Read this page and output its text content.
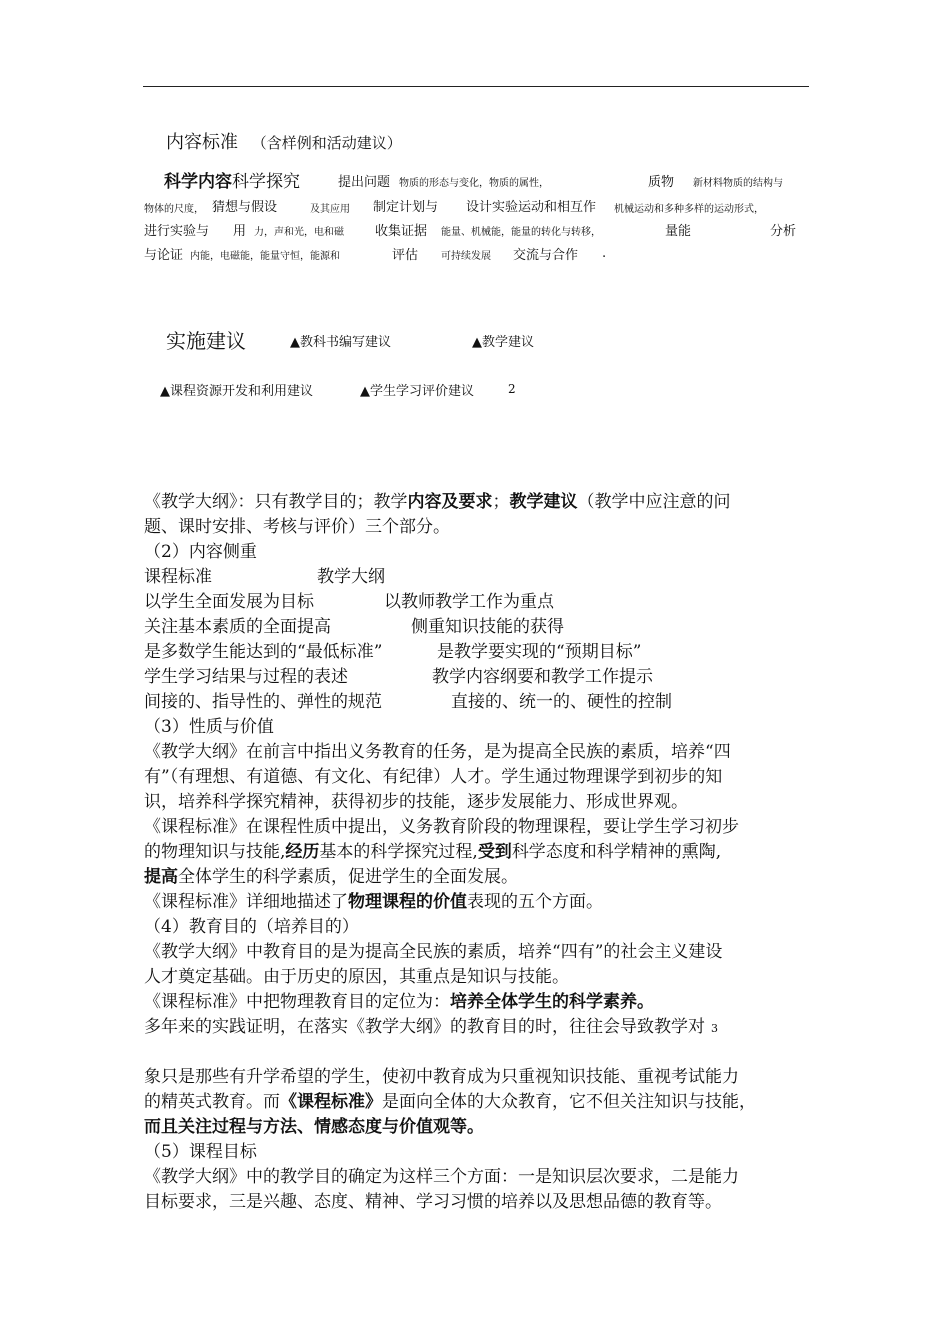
内容标准 （含样例和活动建议）
科学内容科学探究	提出问题 物质的形态与变化，物质的属性，	质物 新材料物质的结构与
物体的尺度， 猜想与假设	及其应用 制定计划与 设计实验运动和相互作 机械运动和多种多样的运动形式，
进行实验与 用 力，声和光，电和磁 收集证据 能量、机械能，能量的转化与转移，	量能	分析
与论证 内能，电磁能，能量守恒，能源和	评估 可持续发展 交流与合作 .
实施建议	▲教科书编写建议	▲教学建议
▲课程资源开发和利用建议	▲学生学习评价建议	2
《教学大纲》：只有教学目的；教学内容及要求；教学建议（教学中应注意的问
题、课时安排、考核与评价）三个部分。
（2）内容侧重
课程标准	教学大纲
以学生全面发展为目标	以教师教学工作为重点
关注基本素质的全面提高	侧重知识技能的获得
是多数学生能达到的“最低标准”	是教学要实现的“预期目标”
学生学习结果与过程的表述	教学内容纲要和教学工作提示
间接的、指导性的、弹性的规范	直接的、统一的、硬性的控制
（3）性质与价值
《教学大纲》在前言中指出义务教育的任务，是为提高全民族的素质，培养“四
有”（有理想、有道德、有文化、有纪律）人才。学生通过物理课学到初步的知
识，培养科学探究精神，获得初步的技能，逐步发展能力、形成世界观。
《课程标准》在课程性质中提出，义务教育阶段的物理课程，要让学生学习初步
的物理知识与技能,经历基本的科学探究过程,受到科学态度和科学精神的熏陶,
提高全体学生的科学素质，促进学生的全面发展。
《课程标准》详细地描述了物理课程的价值表现的五个方面。
（4）教育目的（培养目的）
《教学大纲》中教育目的是为提高全民族的素质，培养“四有”的社会主义建设
人才奠定基础。由于历史的原因，其重点是知识与技能。
《课程标准》中把物理教育目的定位为：培养全体学生的科学素养。
多年来的实践证明，在落实《教学大纲》的教育目的时，往往会导致教学对 3
象只是那些有升学希望的学生，使初中教育成为只重视知识技能、重视考试能力
的精英式教育。而《课程标准》是面向全体的大众教育，它不但关注知识与技能，
而且关注过程与方法、情感态度与价值观等。
（5）课程目标
《教学大纲》中的教学目的确定为这样三个方面：一是知识层次要求，二是能力
目标要求，三是兴趣、态度、精神、学习习惯的培养以及思想品德的教育等。
